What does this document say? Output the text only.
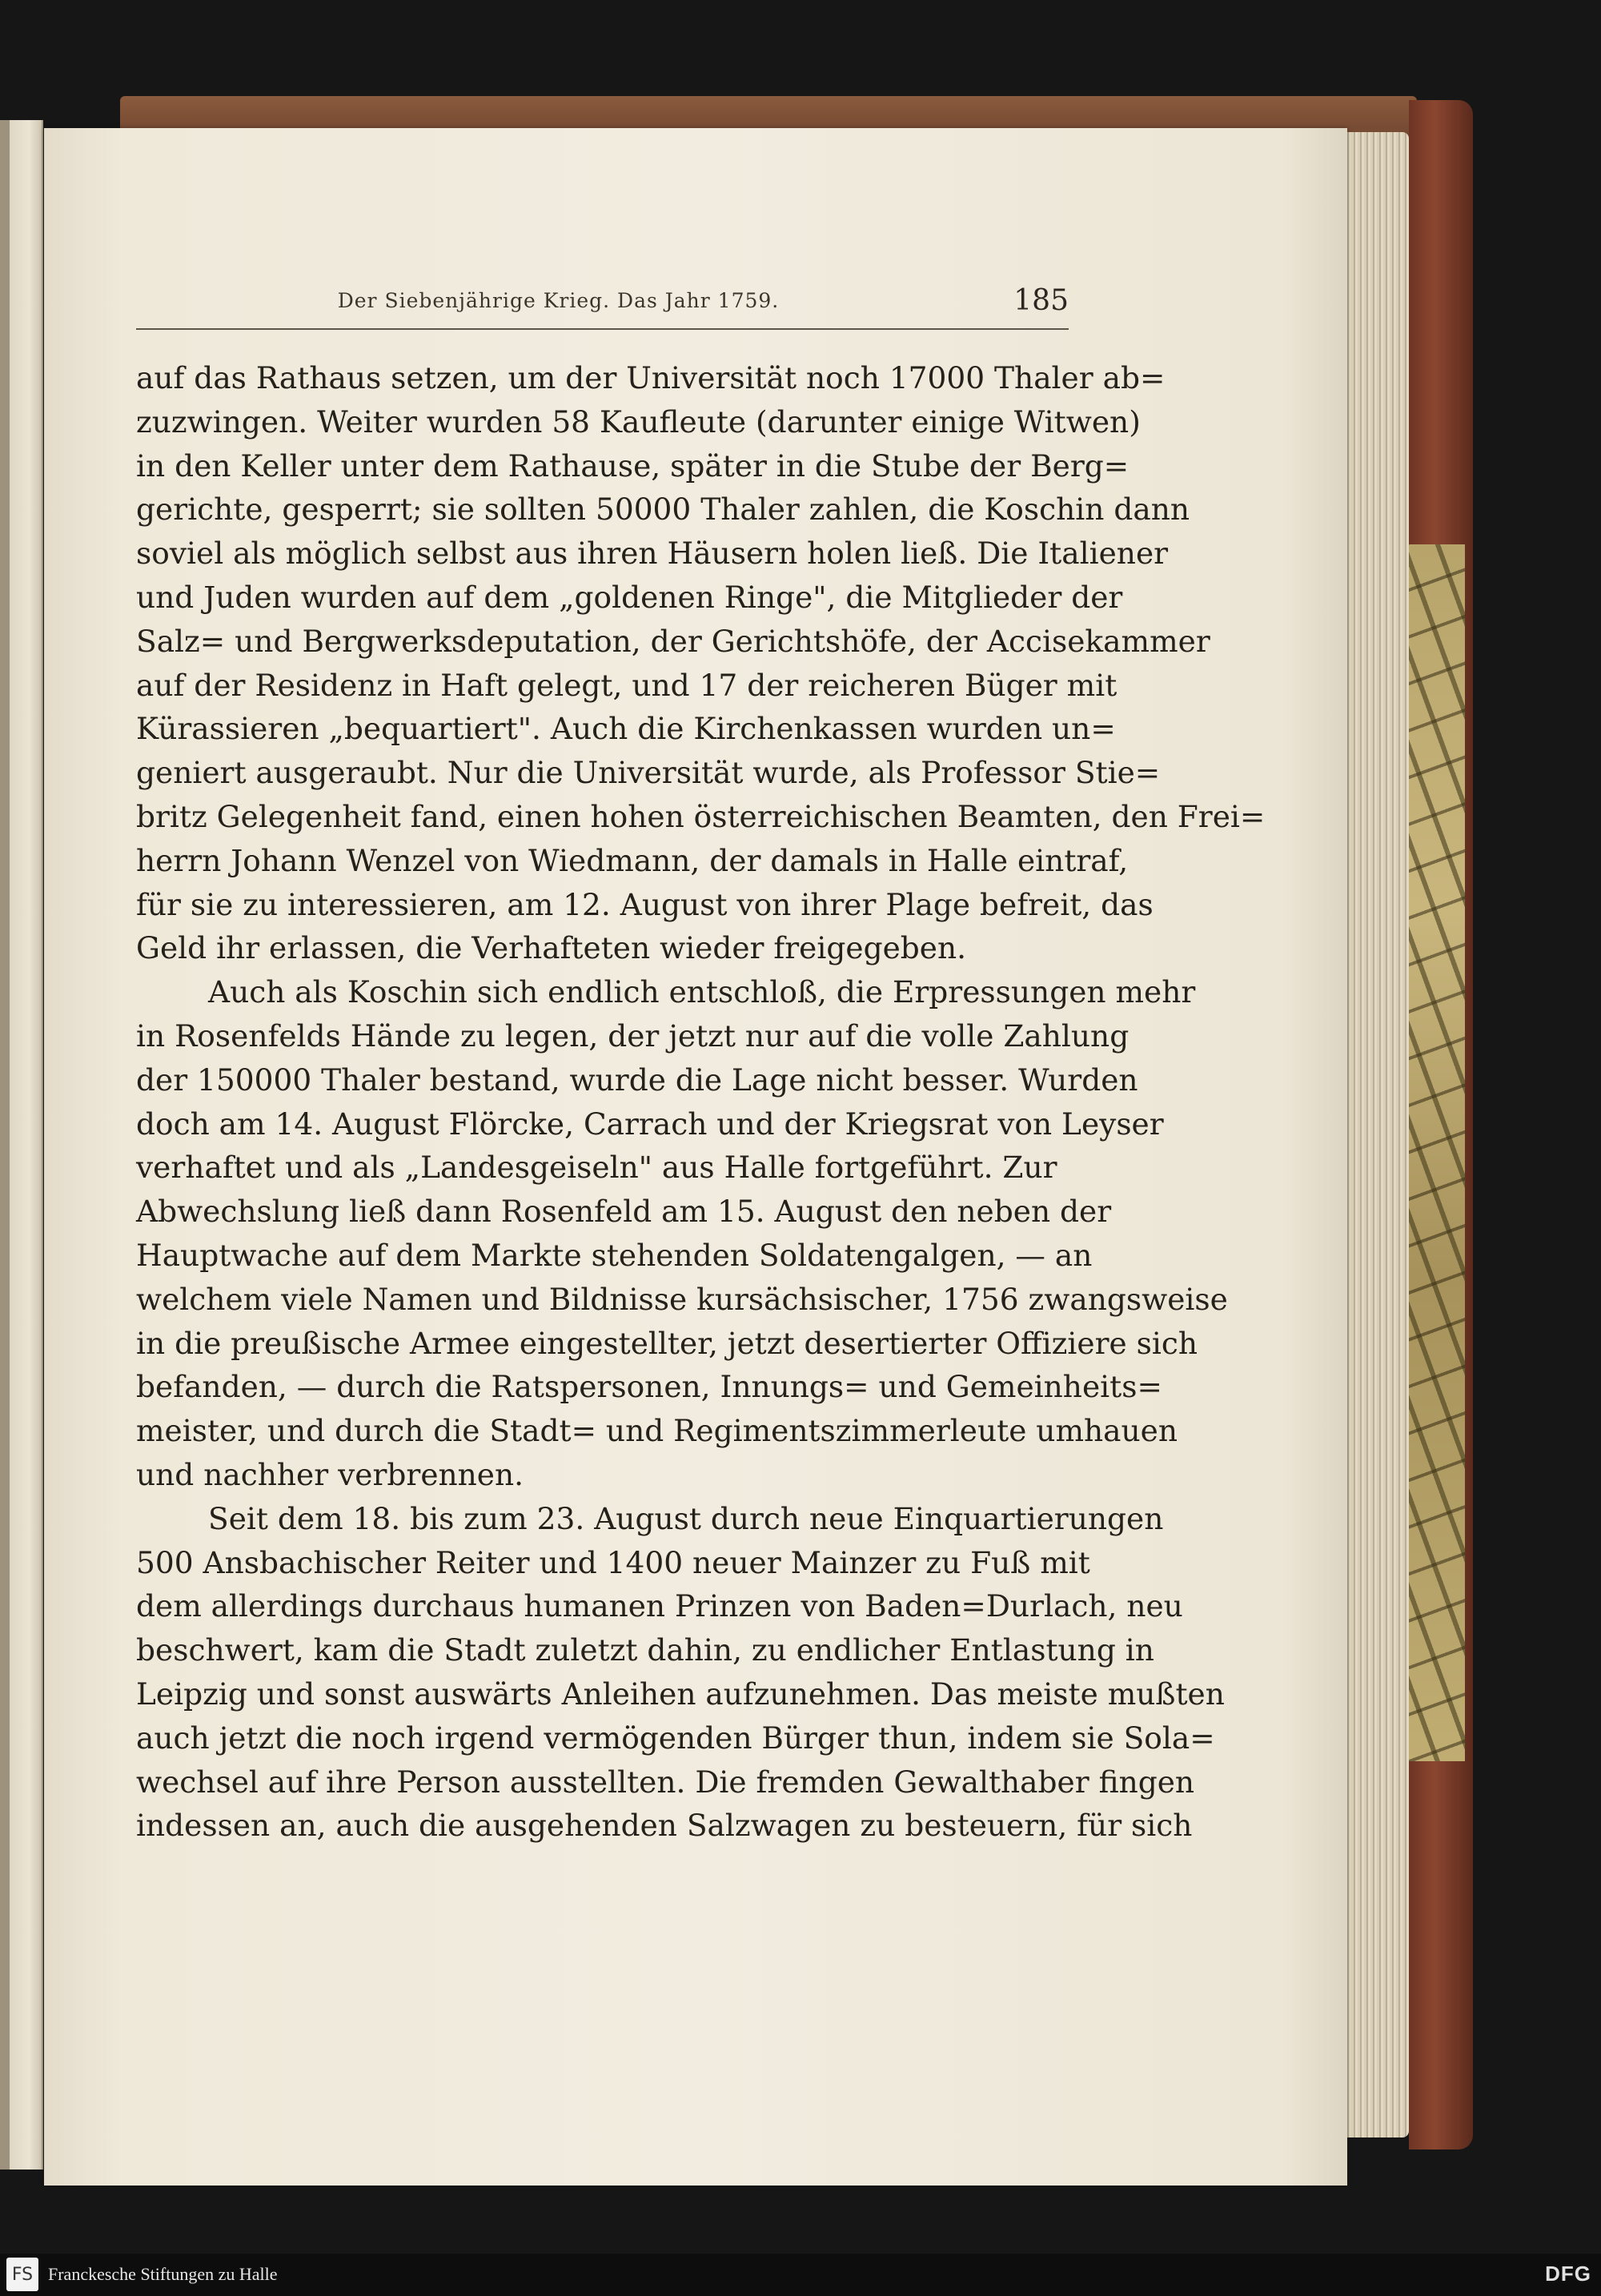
Der Siebenjährige Krieg. Das Jahr 1759.	185
auf das Rathaus setzen, um der Universität noch 17000 Thaler ab=
zuzwingen. Weiter wurden 58 Kaufleute (darunter einige Witwen)
in den Keller unter dem Rathause, später in die Stube der Berg=
gerichte, gesperrt; sie sollten 50000 Thaler zahlen, die Koschin dann
soviel als möglich selbst aus ihren Häusern holen ließ. Die Italiener
und Juden wurden auf dem „goldenen Ringe", die Mitglieder der
Salz= und Bergwerksdeputation, der Gerichtshöfe, der Accisekammer
auf der Residenz in Haft gelegt, und 17 der reicheren Büger mit
Kürassieren „bequartiert". Auch die Kirchenkassen wurden un=
geniert ausgeraubt. Nur die Universität wurde, als Professor Stie=
britz Gelegenheit fand, einen hohen österreichischen Beamten, den Frei=
herrn Johann Wenzel von Wiedmann, der damals in Halle eintraf,
für sie zu interessieren, am 12. August von ihrer Plage befreit, das
Geld ihr erlassen, die Verhafteten wieder freigegeben.
Auch als Koschin sich endlich entschloß, die Erpressungen mehr
in Rosenfelds Hände zu legen, der jetzt nur auf die volle Zahlung
der 150000 Thaler bestand, wurde die Lage nicht besser. Wurden
doch am 14. August Flörcke, Carrach und der Kriegsrat von Leyser
verhaftet und als „Landesgeiseln" aus Halle fortgeführt. Zur
Abwechslung ließ dann Rosenfeld am 15. August den neben der
Hauptwache auf dem Markte stehenden Soldatengalgen, — an
welchem viele Namen und Bildnisse kursächsischer, 1756 zwangsweise
in die preußische Armee eingestellter, jetzt desertierter Offiziere sich
befanden, — durch die Ratspersonen, Innungs= und Gemeinheits=
meister, und durch die Stadt= und Regimentszimmerleute umhauen
und nachher verbrennen.
Seit dem 18. bis zum 23. August durch neue Einquartierungen
500 Ansbachischer Reiter und 1400 neuer Mainzer zu Fuß mit
dem allerdings durchaus humanen Prinzen von Baden=Durlach, neu
beschwert, kam die Stadt zuletzt dahin, zu endlicher Entlastung in
Leipzig und sonst auswärts Anleihen aufzunehmen. Das meiste mußten
auch jetzt die noch irgend vermögenden Bürger thun, indem sie Sola=
wechsel auf ihre Person ausstellten. Die fremden Gewalthaber fingen
indessen an, auch die ausgehenden Salzwagen zu besteuern, für sich
FS Franckesche Stiftungen zu Halle	DFG
